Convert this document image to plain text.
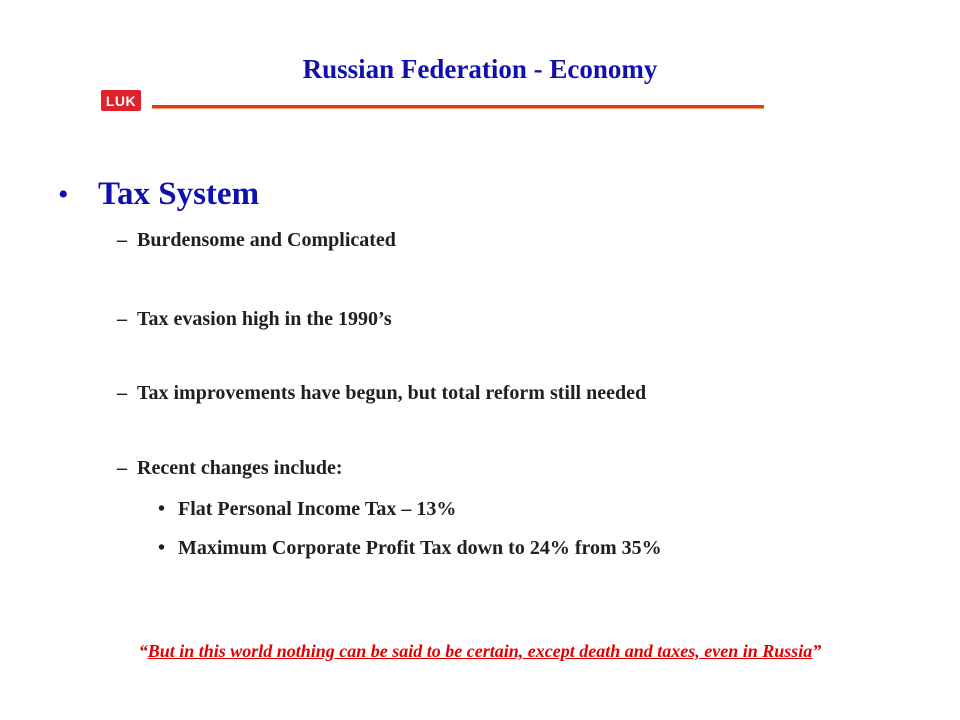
Russian Federation - Economy
LUK
• Tax System
– Burdensome and Complicated
– Tax evasion high in the 1990’s
– Tax improvements have begun, but total reform still needed
– Recent changes include:
• Flat Personal Income Tax – 13%
• Maximum Corporate Profit Tax down to 24% from 35%

“But in this world nothing can be said to be certain, except death and taxes, even in Russia”
